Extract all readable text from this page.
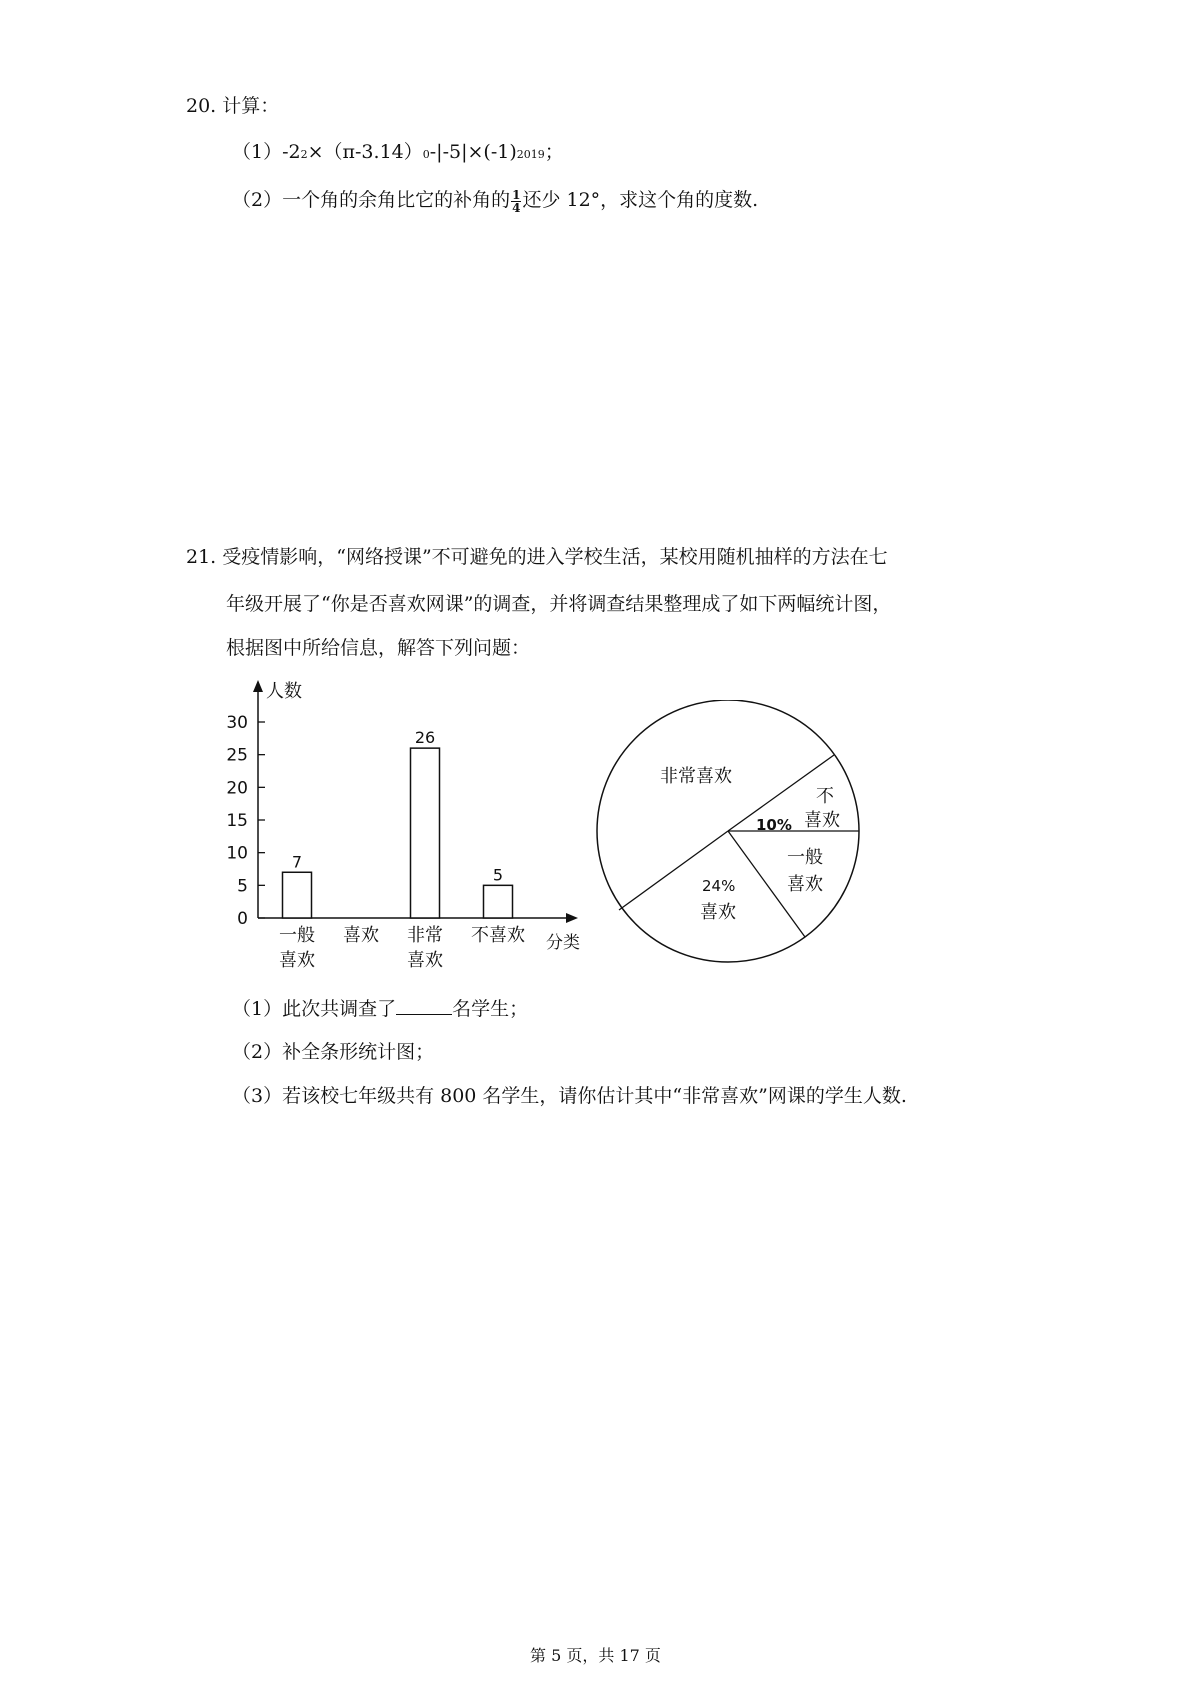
20. 计算：
（1）-22×（π-3.14）0-|-5|×(-1)2019；
（2）一个角的余角比它的补角的 $\frac{1}{4}$ 还少 12°，求这个角的度数.
21. 受疫情影响，“网络授课”不可避免的进入学校生活，某校用随机抽样的方法在七
年级开展了“你是否喜欢网课”的调查，并将调查结果整理成了如下两幅统计图，
根据图中所给信息，解答下列问题：
人数
分类
0
5
10
15
20
25
30
7
26
5
一般
喜欢
喜欢 非常
喜欢
不喜欢
非常喜欢
不
喜欢
10%
一般
喜欢
24%
喜欢
（1）此次共调查了	名学生；
（2）补全条形统计图；
（3）若该校七年级共有 800 名学生，请你估计其中“非常喜欢”网课的学生人数.
第 5 页，共 17 页
